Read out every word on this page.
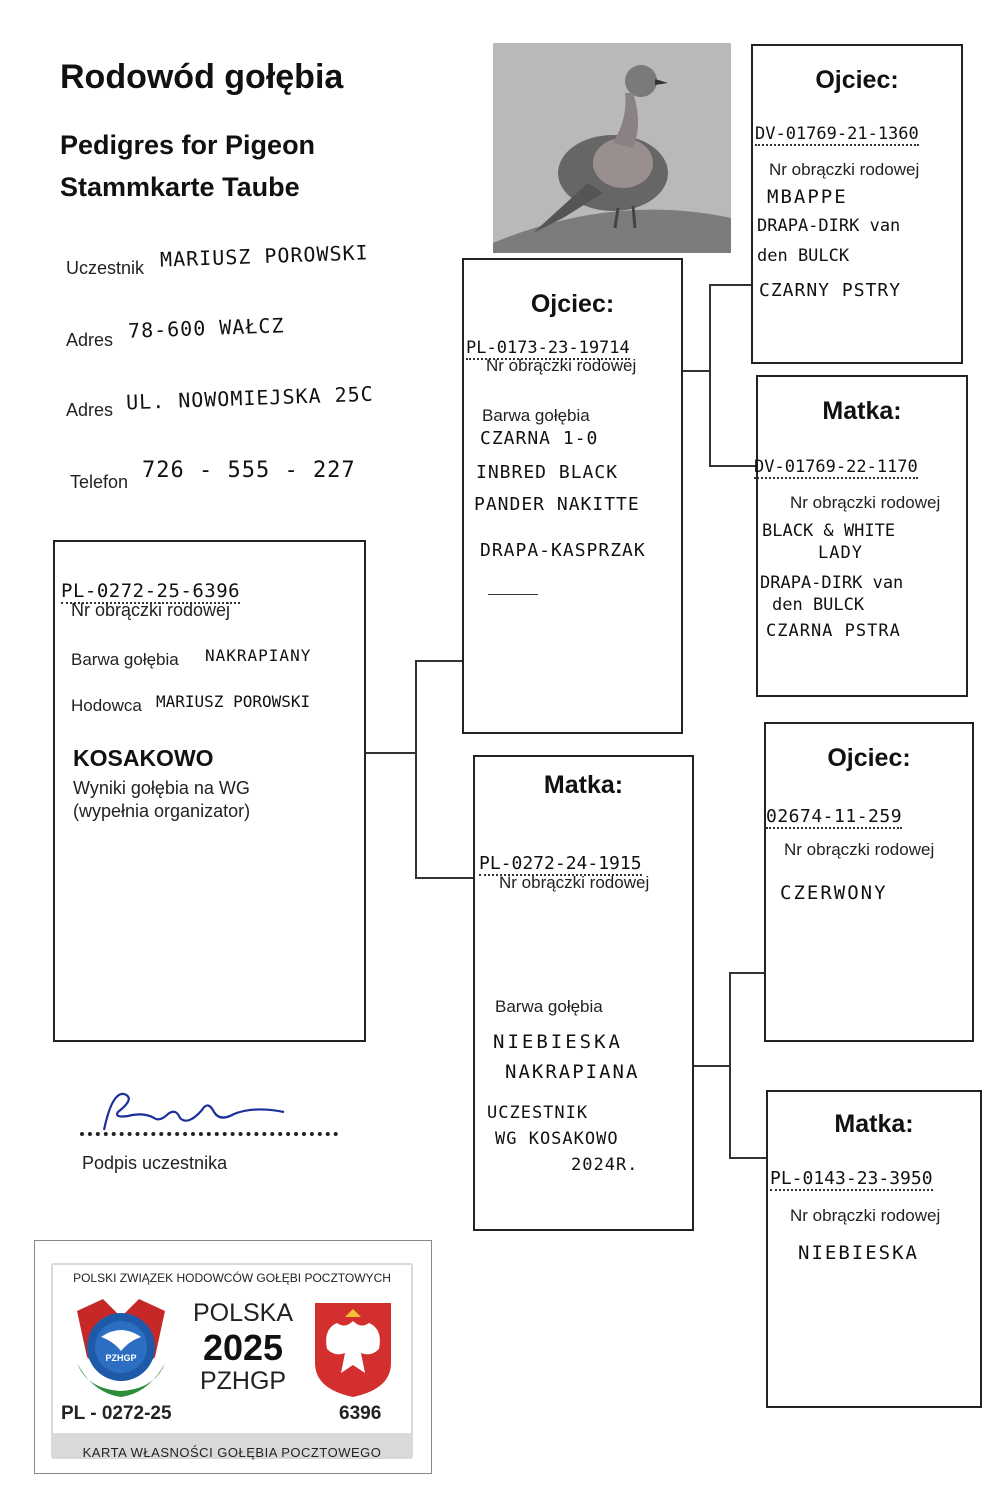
Rodowód gołębia
Pedigres for Pigeon
Stammkarte Taube
Uczestnik MARIUSZ POROWSKI
Adres 78-600 WAŁCZ
Adres UL. NOWOMIEJSKA 25C
Telefon 726 - 555 - 227
PL-0272-25-6396
Nr obrączki rodowej
Barwa gołębia NAKRAPIANY
Hodowca MARIUSZ POROWSKI
KOSAKOWO
Wyniki gołębia na WG
(wypełnia organizator)
Ojciec:
PL-0173-23-19714
Nr obrączki rodowej
Barwa gołębia
CZARNA 1-0
INBRED BLACK
PANDER NAKITTE
DRAPA-KASPRZAK
Matka:
PL-0272-24-1915
Nr obrączki rodowej
Barwa gołębia
NIEBIESKA
NAKRAPIANA
UCZESTNIK
WG KOSAKOWO
2024R.
Ojciec:
DV-01769-21-1360
Nr obrączki rodowej
MBAPPE
DRAPA-DIRK van
den BULCK
CZARNY PSTRY
Matka:
DV-01769-22-1170
Nr obrączki rodowej
BLACK & WHITE
LADY
DRAPA-DIRK van
den BULCK
CZARNA PSTRA
Ojciec:
02674-11-259
Nr obrączki rodowej
CZERWONY
Matka:
PL-0143-23-3950
Nr obrączki rodowej
NIEBIESKA
Podpis uczestnika
POLSKI ZWIĄZEK HODOWCÓW GOŁĘBI POCZTOWYCH
PZHGP
POLSKA
2025
PZHGP
PL - 0272-25	6396
KARTA WŁASNOŚCI GOŁĘBIA POCZTOWEGO
